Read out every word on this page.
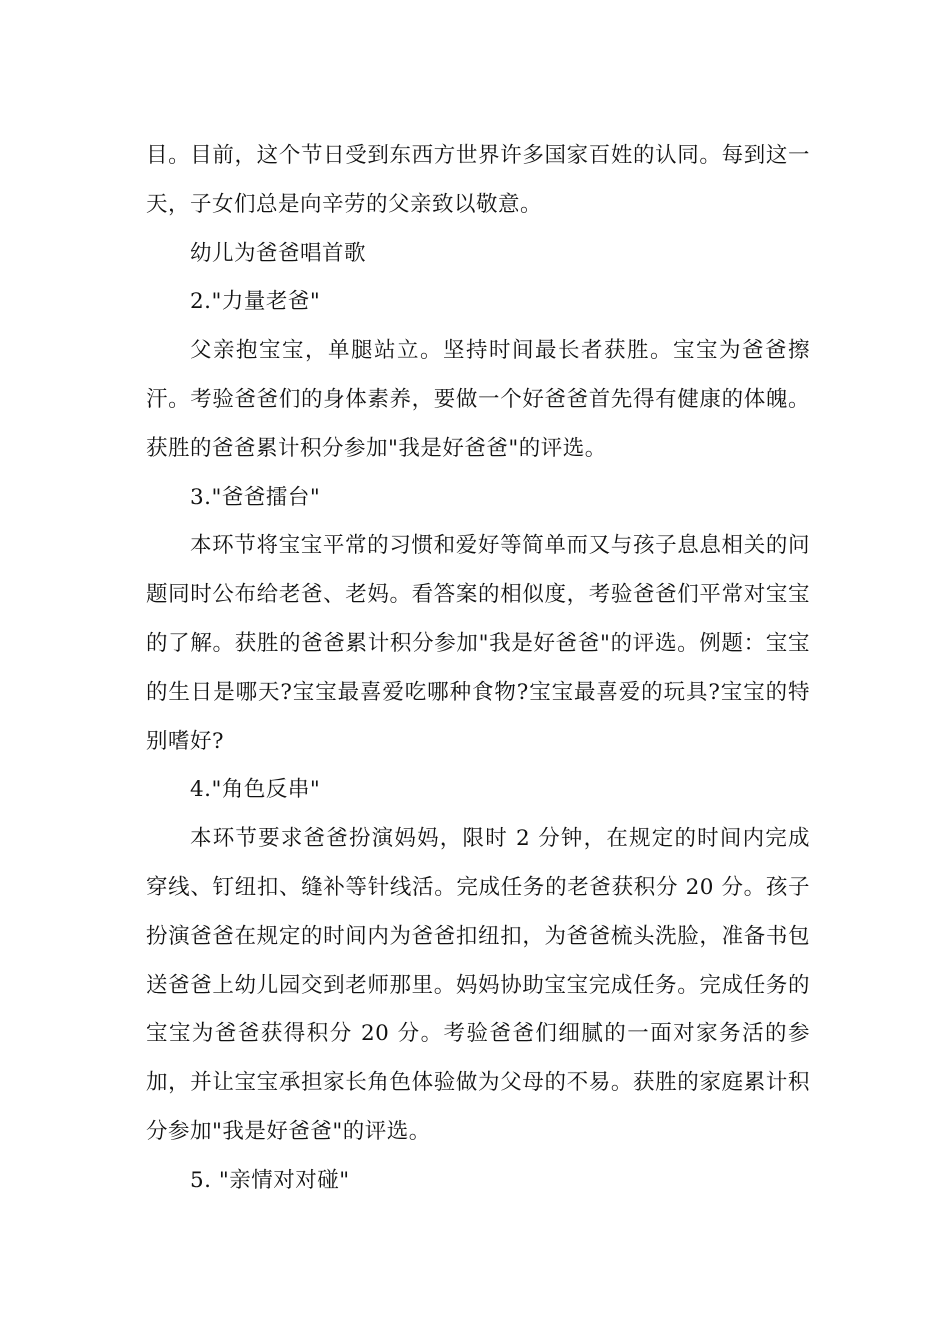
目。目前，这个节日受到东西方世界许多国家百姓的认同。每到这一天，子女们总是向辛劳的父亲致以敬意。

幼儿为爸爸唱首歌

2."力量老爸"

父亲抱宝宝，单腿站立。坚持时间最长者获胜。宝宝为爸爸擦汗。考验爸爸们的身体素养，要做一个好爸爸首先得有健康的体魄。获胜的爸爸累计积分参加"我是好爸爸"的评选。

3."爸爸擂台"

本环节将宝宝平常的习惯和爱好等简单而又与孩子息息相关的问题同时公布给老爸、老妈。看答案的相似度，考验爸爸们平常对宝宝的了解。获胜的爸爸累计积分参加"我是好爸爸"的评选。例题：宝宝的生日是哪天?宝宝最喜爱吃哪种食物?宝宝最喜爱的玩具?宝宝的特别嗜好?

4."角色反串"

本环节要求爸爸扮演妈妈，限时 2 分钟，在规定的时间内完成穿线、钉纽扣、缝补等针线活。完成任务的老爸获积分 20 分。孩子扮演爸爸在规定的时间内为爸爸扣纽扣，为爸爸梳头洗脸，准备书包送爸爸上幼儿园交到老师那里。妈妈协助宝宝完成任务。完成任务的宝宝为爸爸获得积分 20 分。考验爸爸们细腻的一面对家务活的参加，并让宝宝承担家长角色体验做为父母的不易。获胜的家庭累计积分参加"我是好爸爸"的评选。

5. "亲情对对碰"
